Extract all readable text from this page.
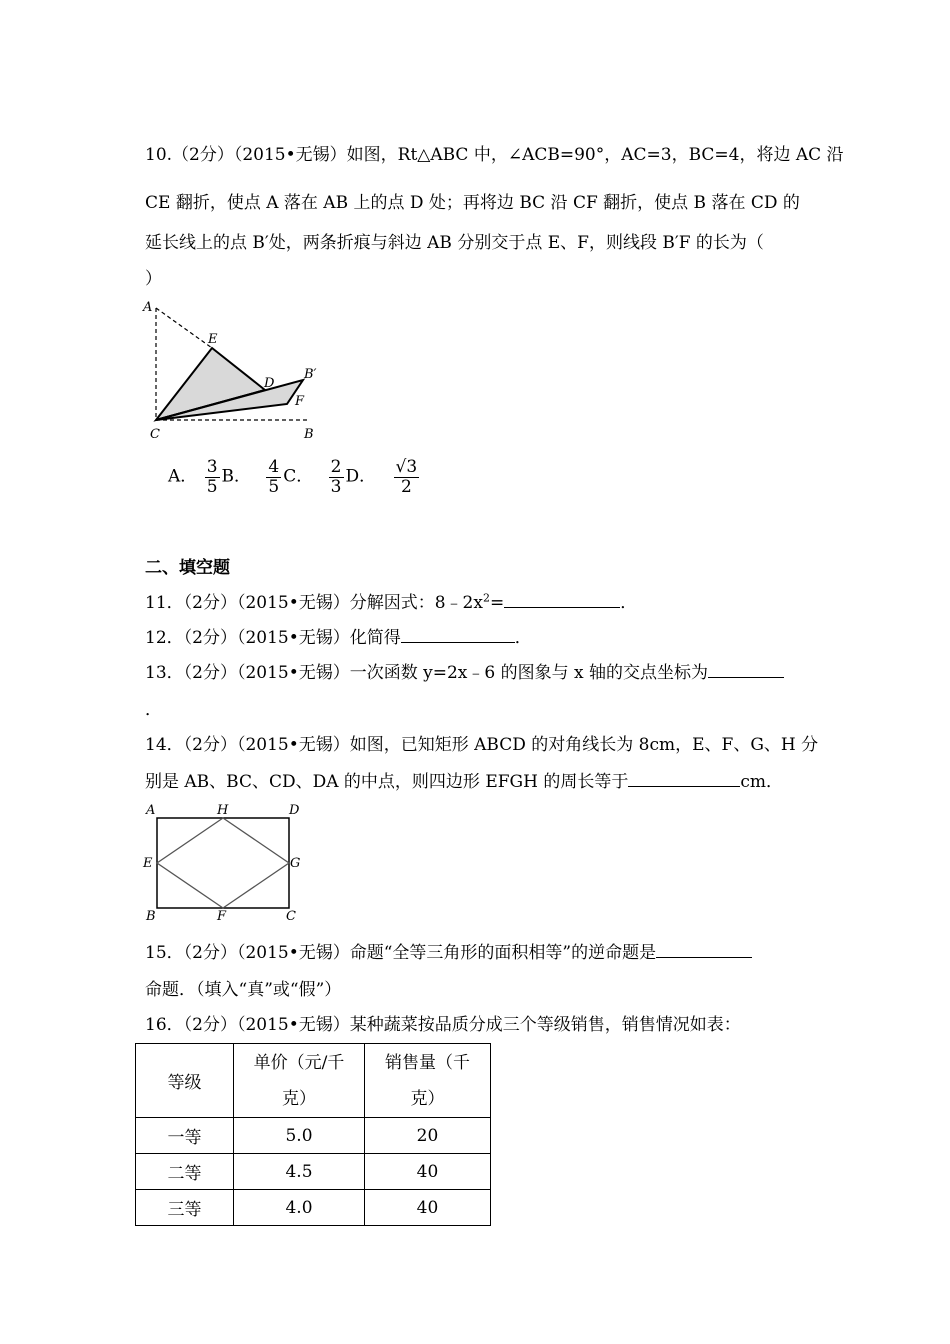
10.（2分）（2015•无锡）如图，Rt△ABC 中，∠ACB=90°，AC=3，BC=4，将边 AC 沿
CE 翻折，使点 A 落在 AB 上的点 D 处；再将边 BC 沿 CF 翻折，使点 B 落在 CD 的
延长线上的点 B′处，两条折痕与斜边 AB 分别交于点 E、F，则线段 B′F 的长为（
）
A
E
D
B′
F
C	B
A． $\frac{3}{5}$ B． $\frac{4}{5}$ C． $\frac{2}{3}$ D． $\frac{√3}{2}$
二、填空题
11．（2分）（2015•无锡）分解因式：$8﹣2x^2=$	．
12．（2分）（2015•无锡）化简得	．
13．（2分）（2015•无锡）一次函数 y=2x﹣6 的图象与 x 轴的交点坐标为
．
14．（2分）（2015•无锡）如图，已知矩形 ABCD 的对角线长为 8cm，E、F、G、H 分
别是 AB、BC、CD、DA 的中点，则四边形 EFGH 的周长等于	cm．
A	H	D
E	G
B	F	C
15．（2分）（2015•无锡）命题“全等三角形的面积相等”的逆命题是
命题．（填入“真”或“假”）
16．（2分）（2015•无锡）某种蔬菜按品质分成三个等级销售，销售情况如表：
等级	单价（元/千
克）	销售量（千
克）
一等	5.0	20
二等	4.5	40
三等	4.0	40
